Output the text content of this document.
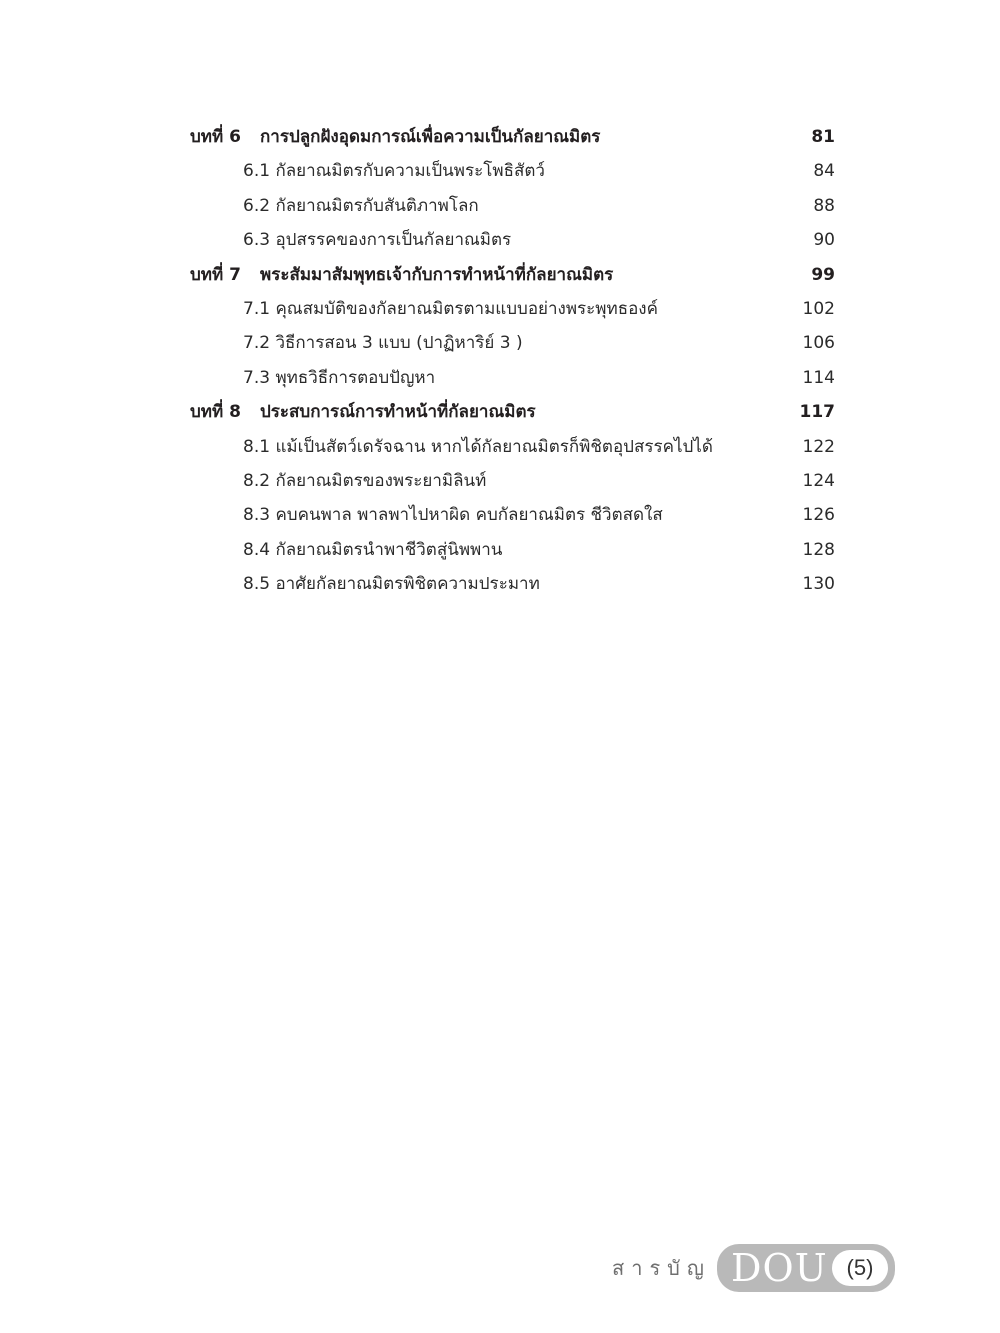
บทที่ 6 การปลูกฝังอุดมการณ์เพื่อความเป็นกัลยาณมิตร	81
6.1 กัลยาณมิตรกับความเป็นพระโพธิสัตว์	84
6.2 กัลยาณมิตรกับสันติภาพโลก	88
6.3 อุปสรรคของการเป็นกัลยาณมิตร	90
บทที่ 7 พระสัมมาสัมพุทธเจ้ากับการทำหน้าที่กัลยาณมิตร	99
7.1 คุณสมบัติของกัลยาณมิตรตามแบบอย่างพระพุทธองค์	102
7.2 วิธีการสอน 3 แบบ (ปาฏิหาริย์ 3 )	106
7.3 พุทธวิธีการตอบปัญหา	114
บทที่ 8 ประสบการณ์การทำหน้าที่กัลยาณมิตร	117
8.1 แม้เป็นสัตว์เดรัจฉาน หากได้กัลยาณมิตรก็พิชิตอุปสรรคไปได้	122
8.2 กัลยาณมิตรของพระยามิลินท์	124
8.3 คบคนพาล พาลพาไปหาผิด คบกัลยาณมิตร ชีวิตสดใส	126
8.4 กัลยาณมิตรนำพาชีวิตสู่นิพพาน	128
8.5 อาศัยกัลยาณมิตรพิชิตความประมาท	130
สารบัญ DOU (5)
